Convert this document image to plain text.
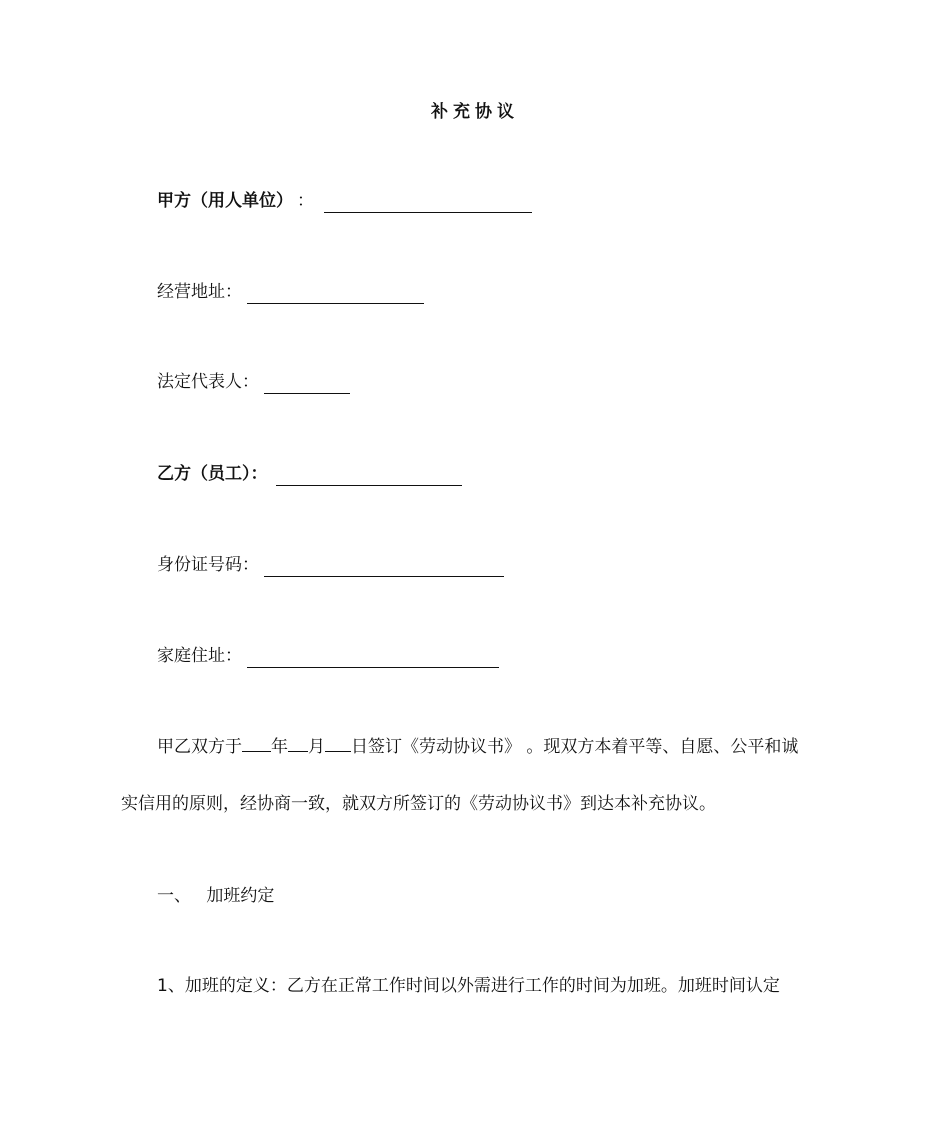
补充协议
甲方（用人单位） ：
经营地址：
法定代表人：
乙方（员工）：
身份证号码：
家庭住址：
甲乙双方于 年 月 日签订《劳动协议书》 。现双方本着平等、自愿、公平和诚
实信用的原则，经协商一致，就双方所签订的《劳动协议书》到达本补充协议。
一、 加班约定
1、加班的定义：乙方在正常工作时间以外需进行工作的时间为加班。加班时间认定
